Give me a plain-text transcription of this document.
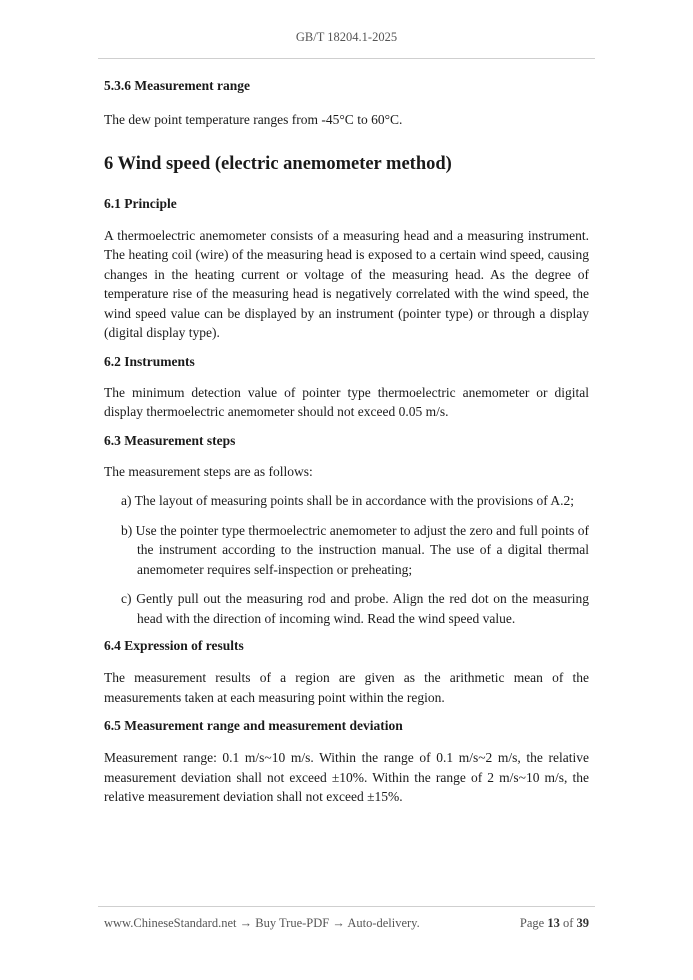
GB/T 18204.1-2025

5.3.6 Measurement range

The dew point temperature ranges from -45°C to 60°C.

6 Wind speed (electric anemometer method)

6.1 Principle

A thermoelectric anemometer consists of a measuring head and a measuring instrument. The heating coil (wire) of the measuring head is exposed to a certain wind speed, causing changes in the heating current or voltage of the measuring head. As the degree of temperature rise of the measuring head is negatively correlated with the wind speed, the wind speed value can be displayed by an instrument (pointer type) or through a display (digital display type).

6.2 Instruments

The minimum detection value of pointer type thermoelectric anemometer or digital display thermoelectric anemometer should not exceed 0.05 m/s.

6.3 Measurement steps

The measurement steps are as follows:

a) The layout of measuring points shall be in accordance with the provisions of A.2;

b) Use the pointer type thermoelectric anemometer to adjust the zero and full points of the instrument according to the instruction manual. The use of a digital thermal anemometer requires self-inspection or preheating;

c) Gently pull out the measuring rod and probe. Align the red dot on the measuring head with the direction of incoming wind. Read the wind speed value.

6.4 Expression of results

The measurement results of a region are given as the arithmetic mean of the measurements taken at each measuring point within the region.

6.5 Measurement range and measurement deviation

Measurement range: 0.1 m/s~10 m/s. Within the range of 0.1 m/s~2 m/s, the relative measurement deviation shall not exceed ±10%. Within the range of 2 m/s~10 m/s, the relative measurement deviation shall not exceed ±15%.

www.ChineseStandard.net → Buy True-PDF → Auto-delivery.	Page 13 of 39
